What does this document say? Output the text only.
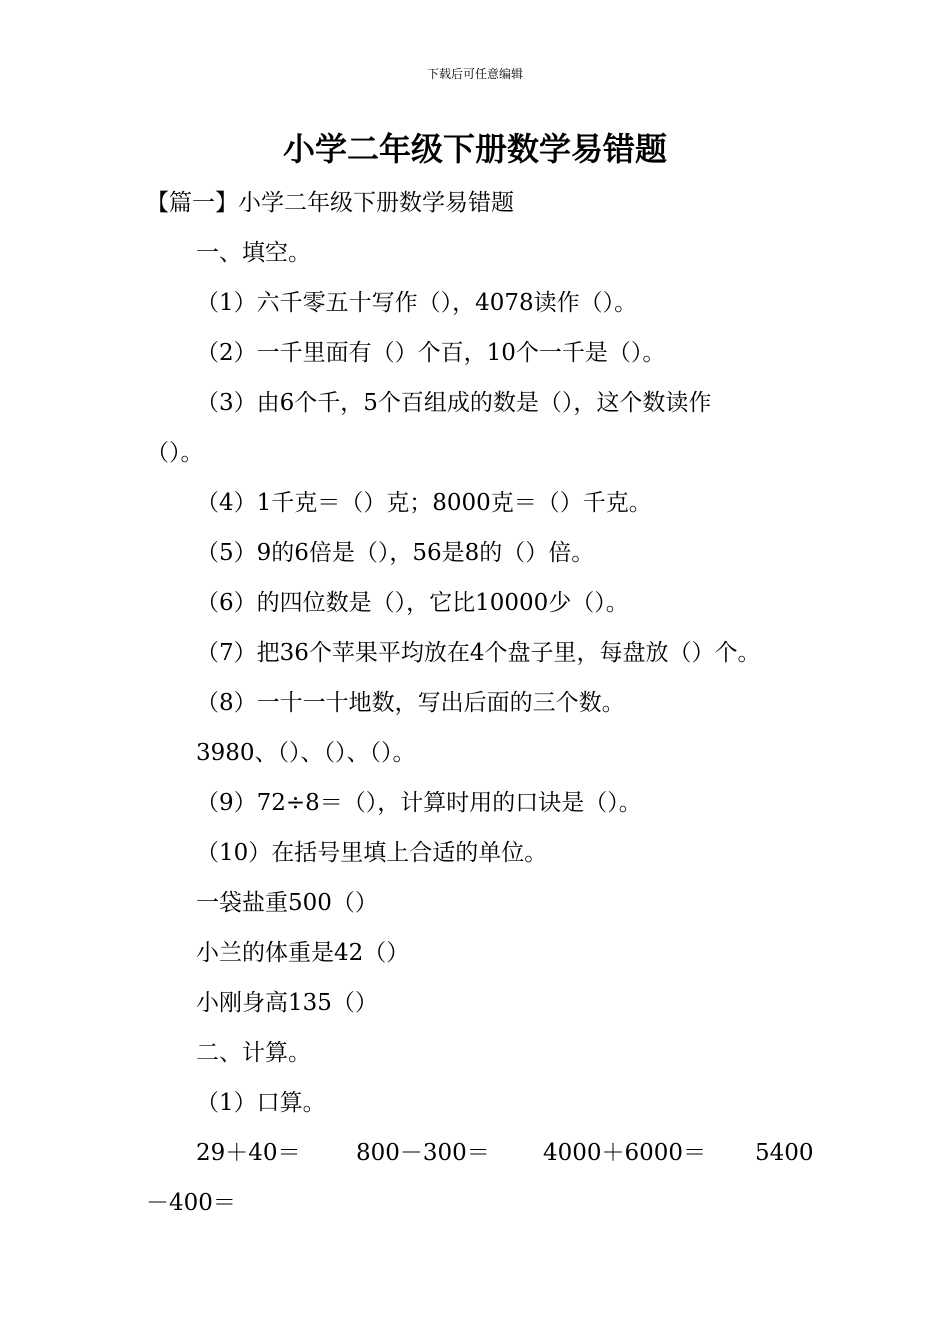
下载后可任意编辑
小学二年级下册数学易错题
【篇一】小学二年级下册数学易错题
一、填空。
（1）六千零五十写作（），4078读作（）。
（2）一千里面有（）个百，10个一千是（）。
（3）由6个千，5个百组成的数是（），这个数读作
（）。
（4）1千克＝（）克；8000克＝（）千克。
（5）9的6倍是（），56是8的（）倍。
（6）的四位数是（），它比10000少（）。
（7）把36个苹果平均放在4个盘子里，每盘放（）个。
（8）一十一十地数，写出后面的三个数。
3980、（）、（）、（）。
（9）72÷8＝（），计算时用的口诀是（）。
（10）在括号里填上合适的单位。
一袋盐重500（）
小兰的体重是42（）
小刚身高135（）
二、计算。
（1）口算。
29＋40＝	800－300＝	4000＋6000＝	5400
－400＝
